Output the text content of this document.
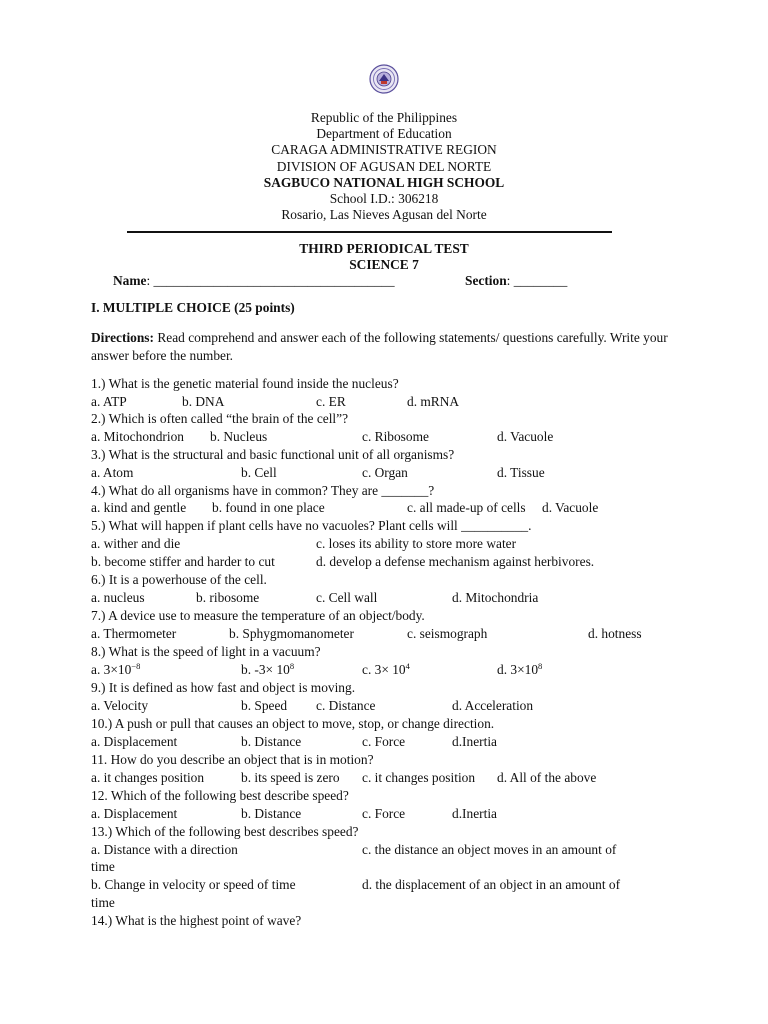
Republic of the Philippines
Department of Education
CARAGA ADMINISTRATIVE REGION
DIVISION OF AGUSAN DEL NORTE
SAGBUCO NATIONAL HIGH SCHOOL
School I.D.: 306218
Rosario, Las Nieves Agusan del Norte
THIRD PERIODICAL TEST
SCIENCE 7
Name: ____________________________________	Section: ________
I. MULTIPLE CHOICE (25 points)
Directions: Read comprehend and answer each of the following statements/ questions carefully. Write your answer before the number.
1.) What is the genetic material found inside the nucleus?
a. ATP	b. DNA	c. ER	d. mRNA
2.) Which is often called “the brain of the cell”?
a. Mitochondrion b. Nucleus	c. Ribosome	d. Vacuole
3.) What is the structural and basic functional unit of all organisms?
a. Atom	b. Cell	c. Organ	d. Tissue
4.) What do all organisms have in common? They are _______?
a. kind and gentle b. found in one place	c. all made-up of cells d. Vacuole
5.) What will happen if plant cells have no vacuoles? Plant cells will __________.
a. wither and die	c. loses its ability to store more water
b. become stiffer and harder to cut	d. develop a defense mechanism against herbivores.
6.) It is a powerhouse of the cell.
a. nucleus	b. ribosome	c. Cell wall	d. Mitochondria
7.) A device use to measure the temperature of an object/body.
a. Thermometer	b. Sphygmomanometer	c. seismograph	d. hotness
8.) What is the speed of light in a vacuum?
a. $3\times 10^{-8}$	b. $-3\times 10^8$	c. $3\times 10^4$	d. $3\times 10^8$
9.) It is defined as how fast and object is moving.
a. Velocity	b. Speed c. Distance	d. Acceleration
10.) A push or pull that causes an object to move, stop, or change direction.
a. Displacement	b. Distance	c. Force	d.Inertia
11. How do you describe an object that is in motion?
a. it changes position	b. its speed is zero c. it changes position d. All of the above
12. Which of the following best describe speed?
a. Displacement	b. Distance	c. Force	d.Inertia
13.) Which of the following best describes speed?
a. Distance with a direction	c. the distance an object moves in an amount of
time
b. Change in velocity or speed of time	d. the displacement of an object in an amount of
time
14.) What is the highest point of wave?
